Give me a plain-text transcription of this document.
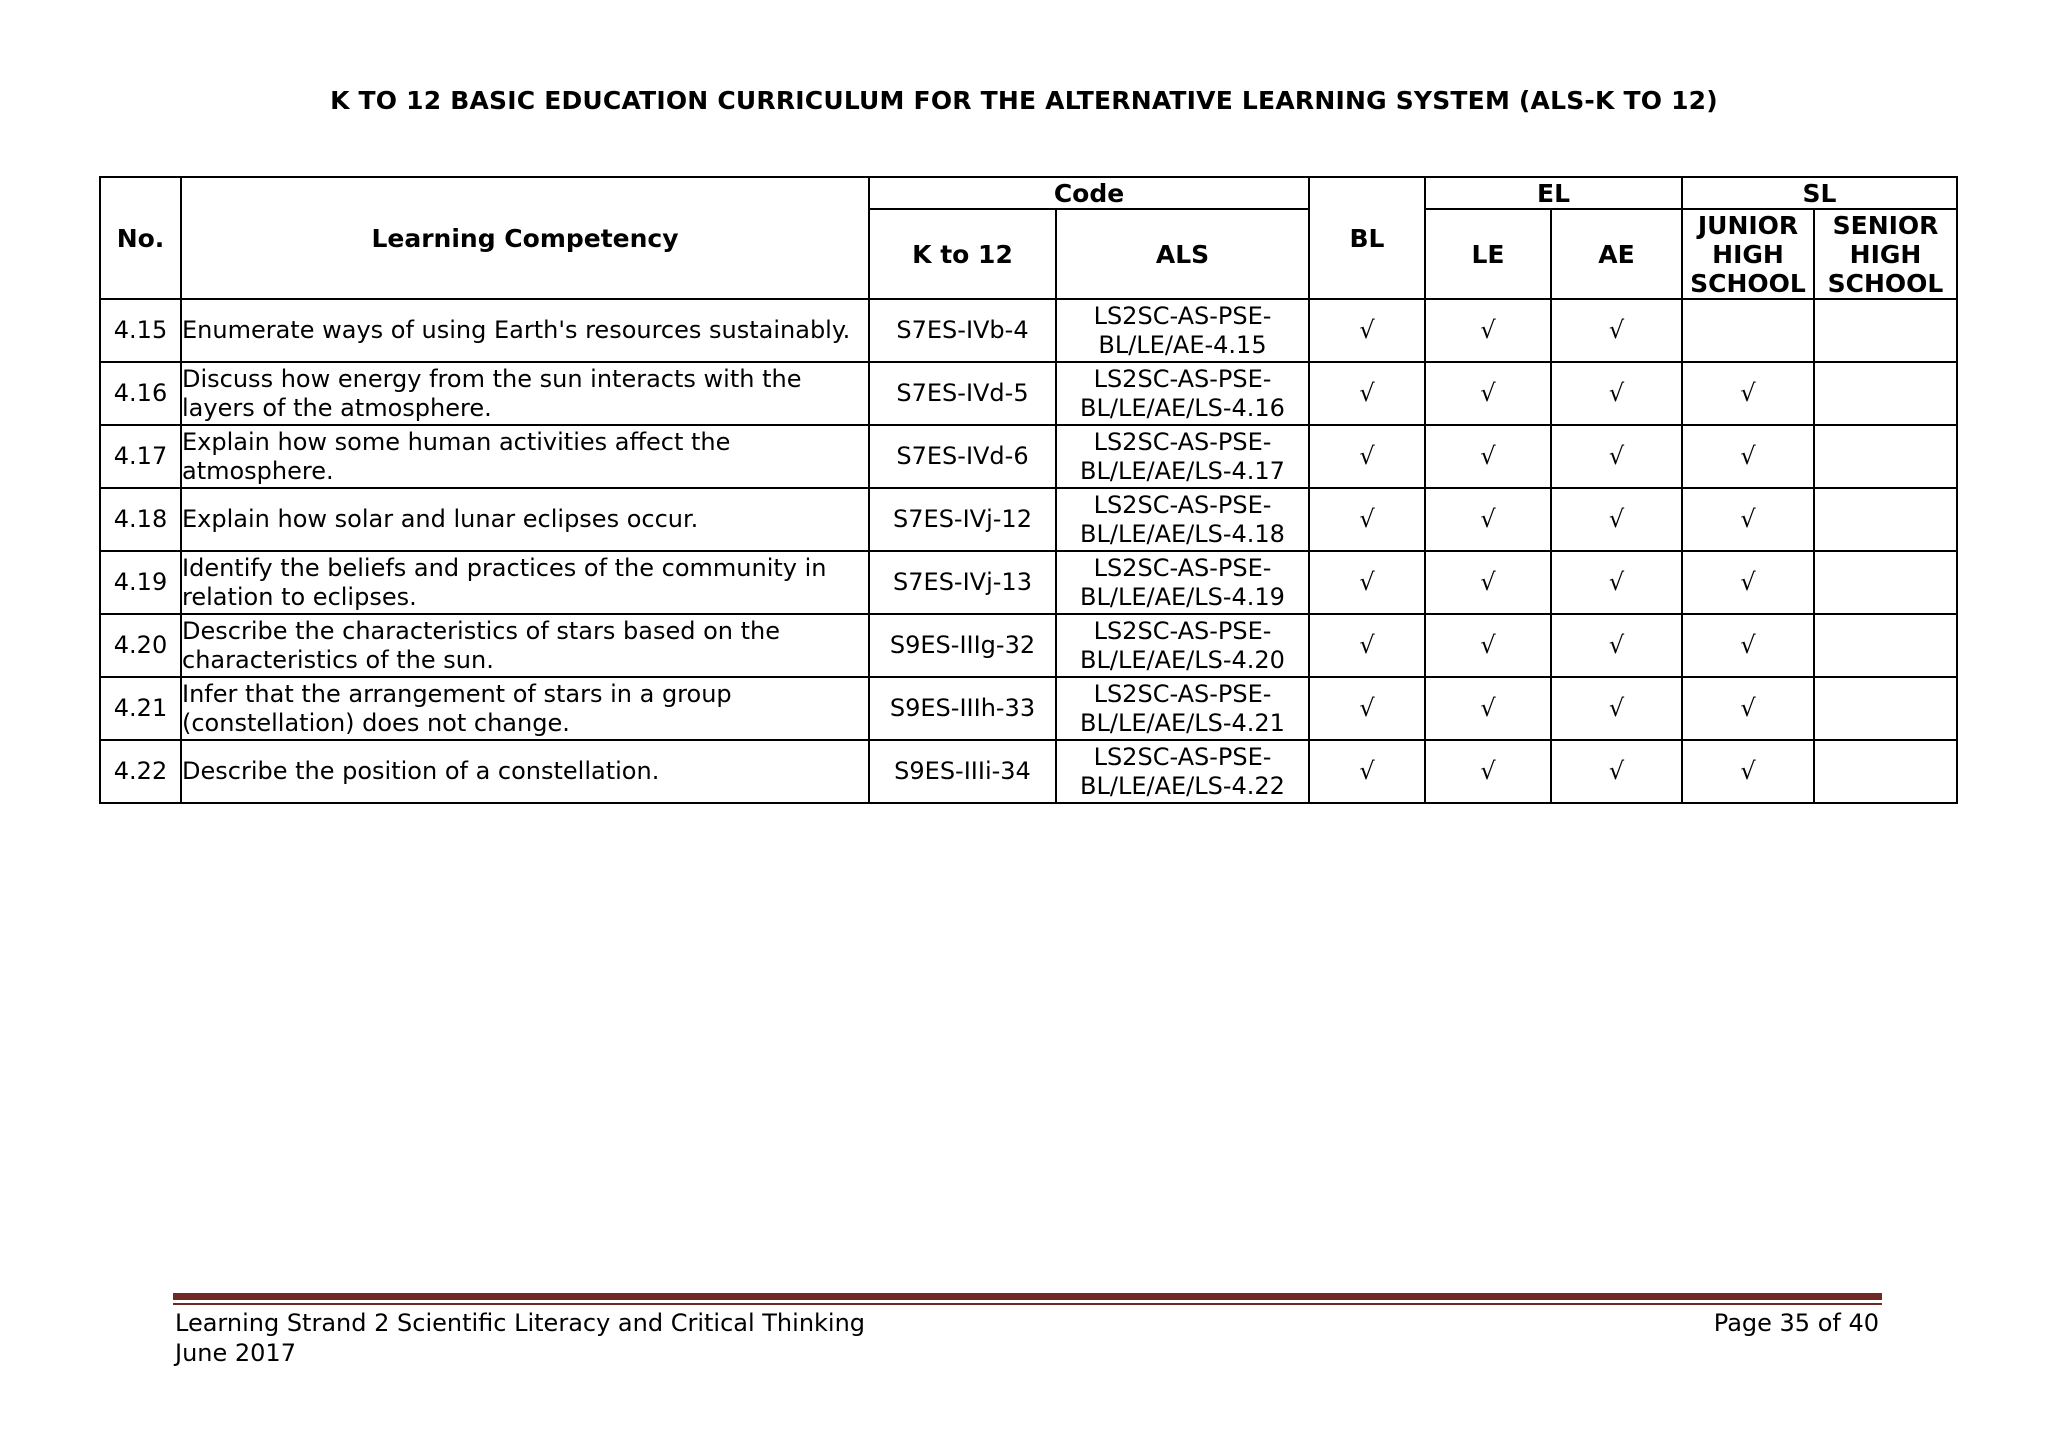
K TO 12 BASIC EDUCATION CURRICULUM FOR THE ALTERNATIVE LEARNING SYSTEM (ALS-K TO 12)
No.	Learning Competency	Code		BL	EL		SL	
		K to 12	ALS		LE	AE	JUNIOR HIGH SCHOOL	SENIOR HIGH SCHOOL
4.15	Enumerate ways of using Earth's resources sustainably.	S7ES-IVb-4	LS2SC-AS-PSE-BL/LE/AE-4.15	√	√	√		
4.16	Discuss how energy from the sun interacts with the layers of the atmosphere.	S7ES-IVd-5	LS2SC-AS-PSE-BL/LE/AE/LS-4.16	√	√	√	√	
4.17	Explain how some human activities affect the atmosphere.	S7ES-IVd-6	LS2SC-AS-PSE-BL/LE/AE/LS-4.17	√	√	√	√	
4.18	Explain how solar and lunar eclipses occur.	S7ES-IVj-12	LS2SC-AS-PSE-BL/LE/AE/LS-4.18	√	√	√	√	
4.19	Identify the beliefs and practices of the community in relation to eclipses.	S7ES-IVj-13	LS2SC-AS-PSE-BL/LE/AE/LS-4.19	√	√	√	√	
4.20	Describe the characteristics of stars based on the characteristics of the sun.	S9ES-IIIg-32	LS2SC-AS-PSE-BL/LE/AE/LS-4.20	√	√	√	√	
4.21	Infer that the arrangement of stars in a group (constellation) does not change.	S9ES-IIIh-33	LS2SC-AS-PSE-BL/LE/AE/LS-4.21	√	√	√	√	
4.22	Describe the position of a constellation.	S9ES-IIIi-34	LS2SC-AS-PSE-BL/LE/AE/LS-4.22	√	√	√	√	
Learning Strand 2 Scientific Literacy and Critical Thinking
June 2017
Page 35 of 40
